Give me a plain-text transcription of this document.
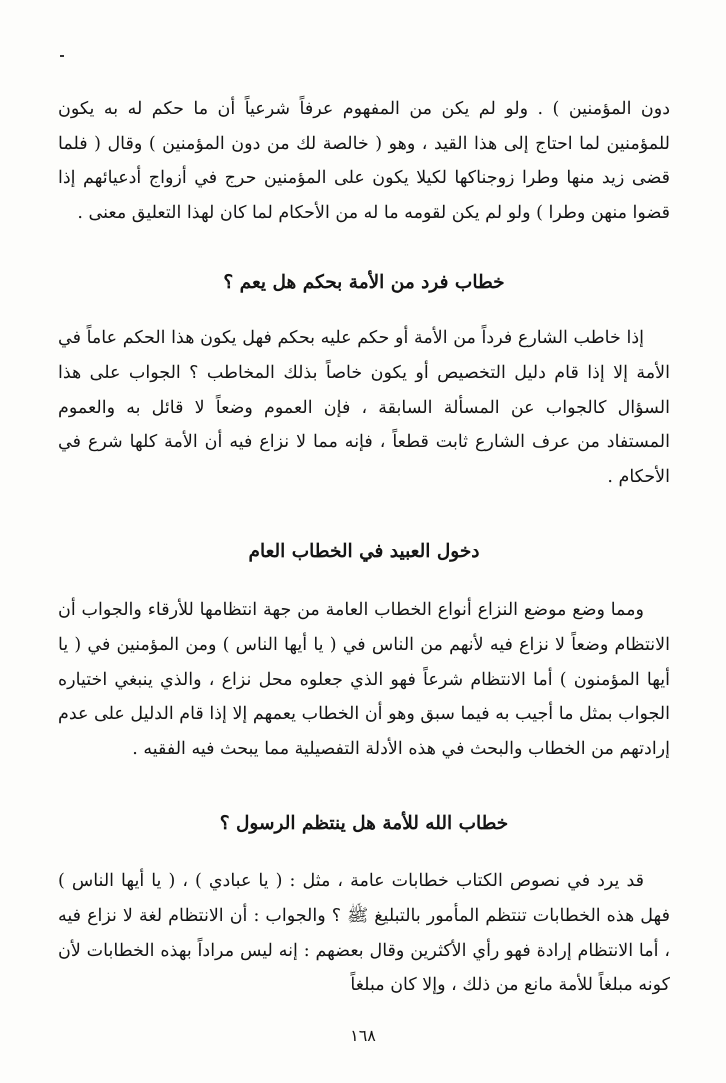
دون المؤمنين ) . ولو لم يكن من المفهوم عرفاً شرعياً أن ما حكم له به يكون للمؤمنين لما احتاج إلى هذا القيد ، وهو ( خالصة لك من دون المؤمنين ) وقال ( فلما قضى زيد منها وطرا زوجناكها لكيلا يكون على المؤمنين حرج في أزواج أدعيائهم إذا قضوا منهن وطرا ) ولو لم يكن لقومه ما له من الأحكام لما كان لهذا التعليق معنى .

خطاب فرد من الأمة بحكم هل يعم ؟

إذا خاطب الشارع فرداً من الأمة أو حكم عليه بحكم فهل يكون هذا الحكم عاماً في الأمة إلا إذا قام دليل التخصيص أو يكون خاصاً بذلك المخاطب ؟ الجواب على هذا السؤال كالجواب عن المسألة السابقة ، فإن العموم وضعاً لا قائل به والعموم المستفاد من عرف الشارع ثابت قطعاً ، فإنه مما لا نزاع فيه أن الأمة كلها شرع في الأحكام .

دخول العبيد في الخطاب العام

ومما وضع موضع النزاع أنواع الخطاب العامة من جهة انتظامها للأرقاء والجواب أن الانتظام وضعاً لا نزاع فيه لأنهم من الناس في ( يا أيها الناس ) ومن المؤمنين في ( يا أيها المؤمنون ) أما الانتظام شرعاً فهو الذي جعلوه محل نزاع ، والذي ينبغي اختياره الجواب بمثل ما أجيب به فيما سبق وهو أن الخطاب يعمهم إلا إذا قام الدليل على عدم إرادتهم من الخطاب والبحث في هذه الأدلة التفصيلية مما يبحث فيه الفقيه .

خطاب الله للأمة هل ينتظم الرسول ؟

قد يرد في نصوص الكتاب خطابات عامة ، مثل : ( يا عبادي ) ، ( يا أيها الناس ) فهل هذه الخطابات تنتظم المأمور بالتبليغ ﷺ ؟ والجواب : أن الانتظام لغة لا نزاع فيه ، أما الانتظام إرادة فهو رأي الأكثرين وقال بعضهم : إنه ليس مراداً بهذه الخطابات لأن كونه مبلغاً للأمة مانع من ذلك ، وإلا كان مبلغاً

١٦٨
